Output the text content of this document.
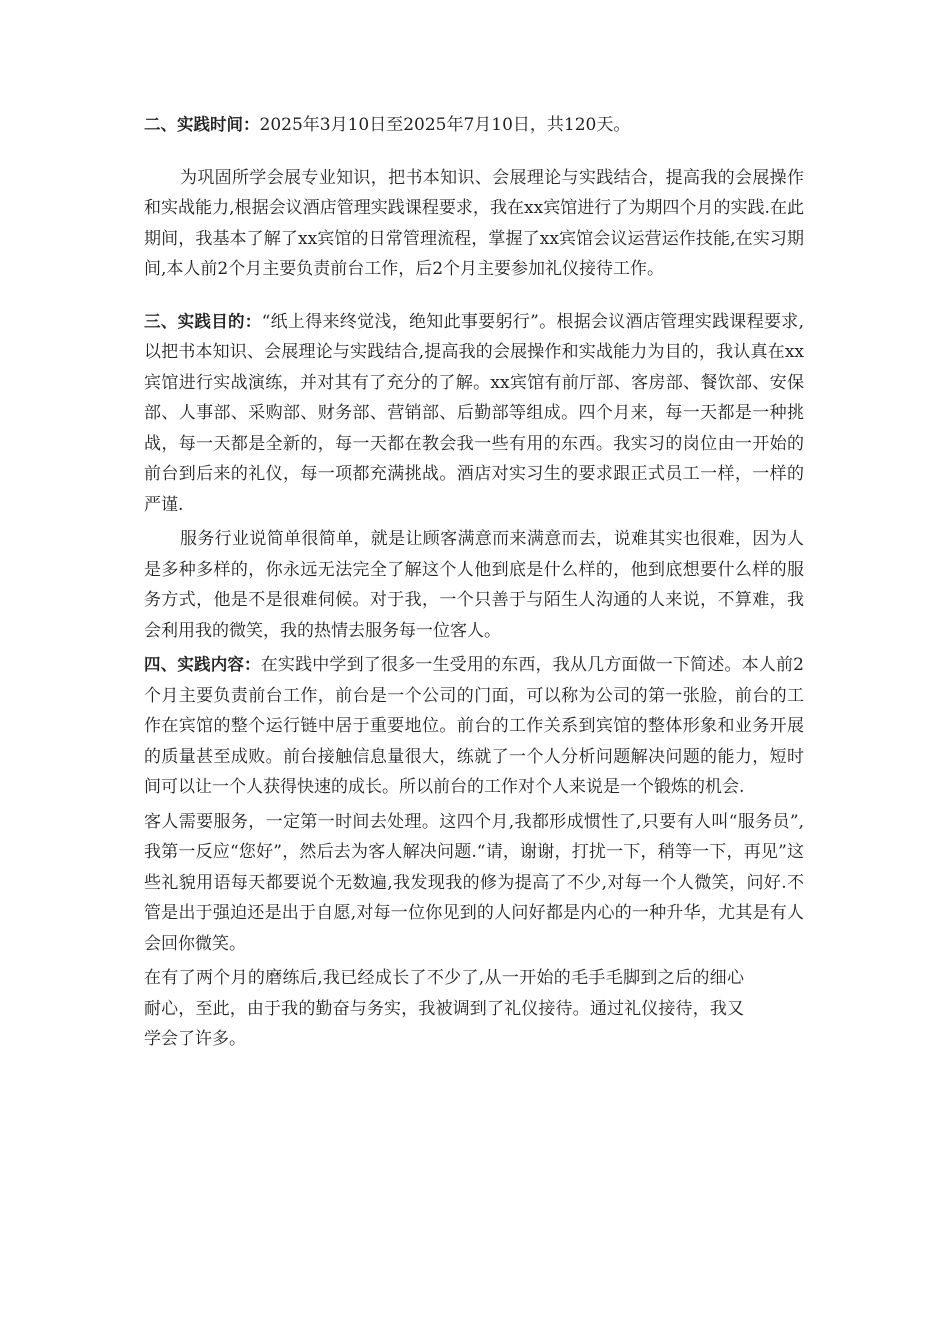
二、实践时间：2025年3月10日至2025年7月10日，共120天。

为巩固所学会展专业知识，把书本知识、会展理论与实践结合，提高我的会展操作和实战能力,根据会议酒店管理实践课程要求，我在xx宾馆进行了为期四个月的实践.在此期间，我基本了解了xx宾馆的日常管理流程，掌握了xx宾馆会议运营运作技能,在实习期间,本人前2个月主要负责前台工作，后2个月主要参加礼仪接待工作。

三、实践目的：“纸上得来终觉浅，绝知此事要躬行”。根据会议酒店管理实践课程要求,以把书本知识、会展理论与实践结合,提高我的会展操作和实战能力为目的，我认真在xx宾馆进行实战演练，并对其有了充分的了解。xx宾馆有前厅部、客房部、餐饮部、安保部、人事部、采购部、财务部、营销部、后勤部等组成。四个月来，每一天都是一种挑战，每一天都是全新的，每一天都在教会我一些有用的东西。我实习的岗位由一开始的前台到后来的礼仪，每一项都充满挑战。酒店对实习生的要求跟正式员工一样，一样的严谨.

服务行业说简单很简单，就是让顾客满意而来满意而去，说难其实也很难，因为人是多种多样的，你永远无法完全了解这个人他到底是什么样的，他到底想要什么样的服务方式，他是不是很难伺候。对于我，一个只善于与陌生人沟通的人来说，不算难，我会利用我的微笑，我的热情去服务每一位客人。

四、实践内容：在实践中学到了很多一生受用的东西，我从几方面做一下简述。本人前2个月主要负责前台工作，前台是一个公司的门面，可以称为公司的第一张脸，前台的工作在宾馆的整个运行链中居于重要地位。前台的工作关系到宾馆的整体形象和业务开展的质量甚至成败。前台接触信息量很大，练就了一个人分析问题解决问题的能力，短时间可以让一个人获得快速的成长。所以前台的工作对个人来说是一个锻炼的机会.

客人需要服务，一定第一时间去处理。这四个月,我都形成惯性了,只要有人叫“服务员”,我第一反应“您好”，然后去为客人解决问题.“请，谢谢，打扰一下，稍等一下，再见”这些礼貌用语每天都要说个无数遍,我发现我的修为提高了不少,对每一个人微笑，问好.不管是出于强迫还是出于自愿,对每一位你见到的人问好都是内心的一种升华，尤其是有人会回你微笑。

在有了两个月的磨练后,我已经成长了不少了,从一开始的毛手毛脚到之后的细心耐心，至此，由于我的勤奋与务实，我被调到了礼仪接待。通过礼仪接待，我又学会了许多。
